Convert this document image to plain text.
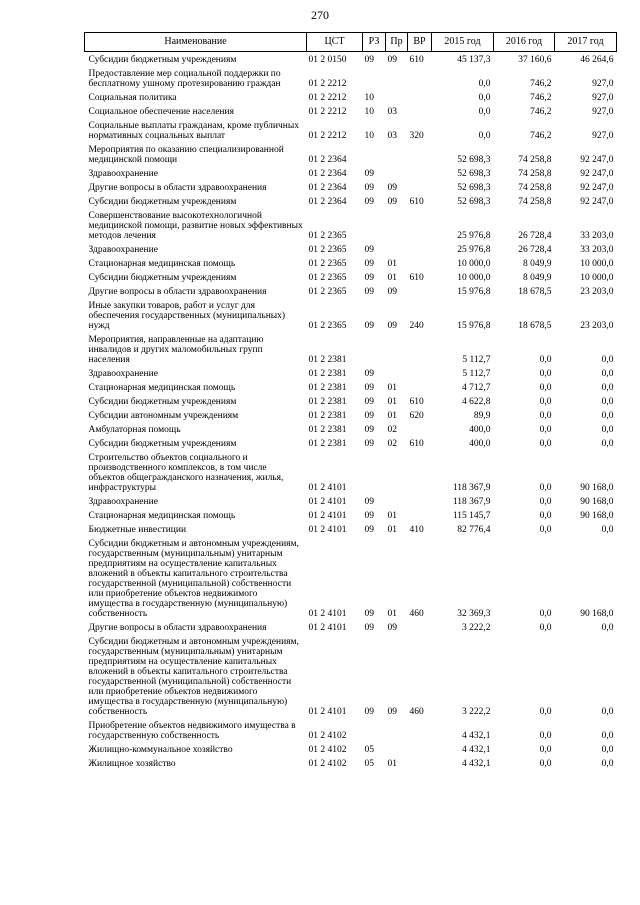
270
Наименование	ЦСТ	РЗ	Пр	ВР	2015 год	2016 год	2017 год
Субсидии бюджетным учреждениям	01 2 0150	09	09	610	45 137,3	37 160,6	46 264,6
Предоставление мер социальной поддержки по бесплатному ушному протезированию граждан	01 2 2212				0,0	746,2	927,0
Социальная политика	01 2 2212	10			0,0	746,2	927,0
Социальное обеспечение населения	01 2 2212	10	03		0,0	746,2	927,0
Социальные выплаты гражданам, кроме публичных нормативных социальных выплат	01 2 2212	10	03	320	0,0	746,2	927,0
Мероприятия по оказанию специализированной медицинской помощи	01 2 2364				52 698,3	74 258,8	92 247,0
Здравоохранение	01 2 2364	09			52 698,3	74 258,8	92 247,0
Другие вопросы в области здравоохранения	01 2 2364	09	09		52 698,3	74 258,8	92 247,0
Субсидии бюджетным учреждениям	01 2 2364	09	09	610	52 698,3	74 258,8	92 247,0
Совершенствование высокотехнологичной медицинской помощи, развитие новых эффективных методов лечения	01 2 2365				25 976,8	26 728,4	33 203,0
Здравоохранение	01 2 2365	09			25 976,8	26 728,4	33 203,0
Стационарная медицинская помощь	01 2 2365	09	01		10 000,0	8 049,9	10 000,0
Субсидии бюджетным учреждениям	01 2 2365	09	01	610	10 000,0	8 049,9	10 000,0
Другие вопросы в области здравоохранения	01 2 2365	09	09		15 976,8	18 678,5	23 203,0
Иные закупки товаров, работ и услуг для обеспечения государственных (муниципальных) нужд	01 2 2365	09	09	240	15 976,8	18 678,5	23 203,0
Мероприятия, направленные на адаптацию инвалидов и других маломобильных групп населения	01 2 2381				5 112,7	0,0	0,0
Здравоохранение	01 2 2381	09			5 112,7	0,0	0,0
Стационарная медицинская помощь	01 2 2381	09	01		4 712,7	0,0	0,0
Субсидии бюджетным учреждениям	01 2 2381	09	01	610	4 622,8	0,0	0,0
Субсидии автономным учреждениям	01 2 2381	09	01	620	89,9	0,0	0,0
Амбулаторная помощь	01 2 2381	09	02		400,0	0,0	0,0
Субсидии бюджетным учреждениям	01 2 2381	09	02	610	400,0	0,0	0,0
Строительство объектов социального и производственного комплексов, в том числе объектов общегражданского назначения, жилья, инфраструктуры	01 2 4101				118 367,9	0,0	90 168,0
Здравоохранение	01 2 4101	09			118 367,9	0,0	90 168,0
Стационарная медицинская помощь	01 2 4101	09	01		115 145,7	0,0	90 168,0
Бюджетные инвестиции	01 2 4101	09	01	410	82 776,4	0,0	0,0
Субсидии бюджетным и автономным учреждениям, государственным (муниципальным) унитарным предприятиям на осуществление капитальных вложений в объекты капитального строительства государственной (муниципальной) собственности или приобретение объектов недвижимого имущества в государственную (муниципальную) собственность	01 2 4101	09	01	460	32 369,3	0,0	90 168,0
Другие вопросы в области здравоохранения	01 2 4101	09	09		3 222,2	0,0	0,0
Субсидии бюджетным и автономным учреждениям, государственным (муниципальным) унитарным предприятиям на осуществление капитальных вложений в объекты капитального строительства государственной (муниципальной) собственности или приобретение объектов недвижимого имущества в государственную (муниципальную) собственность	01 2 4101	09	09	460	3 222,2	0,0	0,0
Приобретение объектов недвижимого имущества в государственную собственность	01 2 4102				4 432,1	0,0	0,0
Жилищно-коммунальное хозяйство	01 2 4102	05			4 432,1	0,0	0,0
Жилищное хозяйство	01 2 4102	05	01		4 432,1	0,0	0,0
